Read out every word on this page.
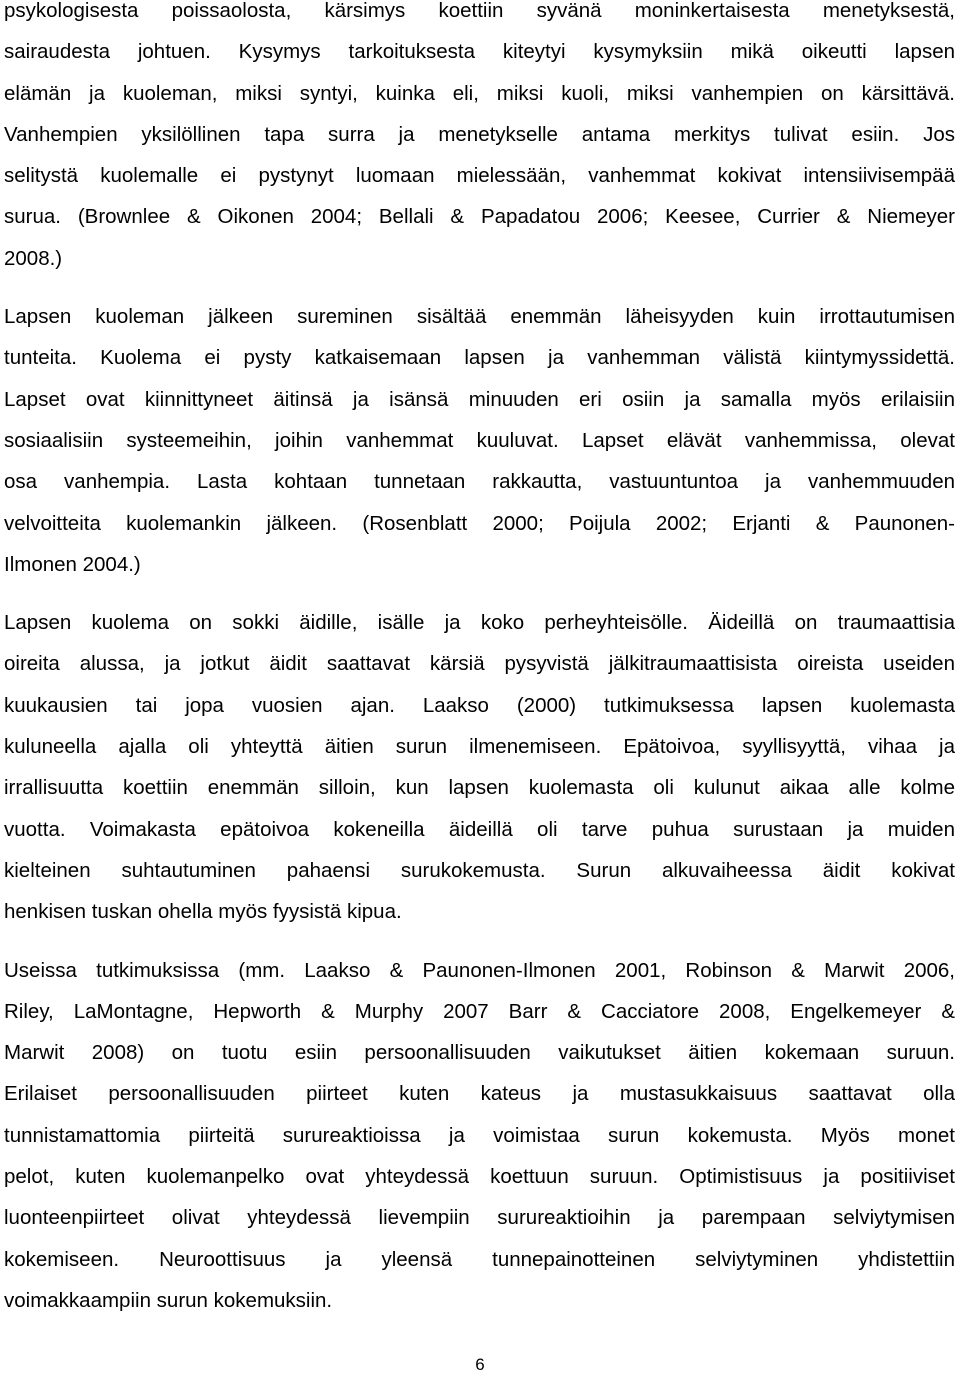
psykologisesta poissaolosta, kärsimys koettiin syvänä moninkertaisesta menetyksestä,
sairaudesta johtuen. Kysymys tarkoituksesta kiteytyi kysymyksiin mikä oikeutti lapsen
elämän ja kuoleman, miksi syntyi, kuinka eli, miksi kuoli, miksi vanhempien on kärsittävä.
Vanhempien yksilöllinen tapa surra ja menetykselle antama merkitys tulivat esiin. Jos
selitystä kuolemalle ei pystynyt luomaan mielessään, vanhemmat kokivat intensiivisempää
surua. (Brownlee & Oikonen 2004; Bellali & Papadatou 2006; Keesee, Currier & Niemeyer
2008.)

Lapsen kuoleman jälkeen sureminen sisältää enemmän läheisyyden kuin irrottautumisen
tunteita. Kuolema ei pysty katkaisemaan lapsen ja vanhemman välistä kiintymyssidettä.
Lapset ovat kiinnittyneet äitinsä ja isänsä minuuden eri osiin ja samalla myös erilaisiin
sosiaalisiin systeemeihin, joihin vanhemmat kuuluvat. Lapset elävät vanhemmissa, olevat
osa vanhempia. Lasta kohtaan tunnetaan rakkautta, vastuuntuntoa ja vanhemmuuden
velvoitteita kuolemankin jälkeen. (Rosenblatt 2000; Poijula 2002; Erjanti & Paunonen-
Ilmonen 2004.)

Lapsen kuolema on sokki äidille, isälle ja koko perheyhteisölle. Äideillä on traumaattisia
oireita alussa, ja jotkut äidit saattavat kärsiä pysyvistä jälkitraumaattisista oireista useiden
kuukausien tai jopa vuosien ajan. Laakso (2000) tutkimuksessa lapsen kuolemasta
kuluneella ajalla oli yhteyttä äitien surun ilmenemiseen. Epätoivoa, syyllisyyttä, vihaa ja
irrallisuutta koettiin enemmän silloin, kun lapsen kuolemasta oli kulunut aikaa alle kolme
vuotta. Voimakasta epätoivoa kokeneilla äideillä oli tarve puhua surustaan ja muiden
kielteinen suhtautuminen pahaensi surukokemusta. Surun alkuvaiheessa äidit kokivat
henkisen tuskan ohella myös fyysistä kipua.

Useissa tutkimuksissa (mm. Laakso & Paunonen-Ilmonen 2001, Robinson & Marwit 2006,
Riley, LaMontagne, Hepworth & Murphy 2007 Barr & Cacciatore 2008, Engelkemeyer &
Marwit 2008) on tuotu esiin persoonallisuuden vaikutukset äitien kokemaan suruun.
Erilaiset persoonallisuuden piirteet kuten kateus ja mustasukkaisuus saattavat olla
tunnistamattomia piirteitä surureaktioissa ja voimistaa surun kokemusta. Myös monet
pelot, kuten kuolemanpelko ovat yhteydessä koettuun suruun. Optimistisuus ja positiiviset
luonteenpiirteet olivat yhteydessä lievempiin surureaktioihin ja parempaan selviytymisen
kokemiseen. Neuroottisuus ja yleensä tunnepainotteinen selviytyminen yhdistettiin
voimakkaampiin surun kokemuksiin.

6
